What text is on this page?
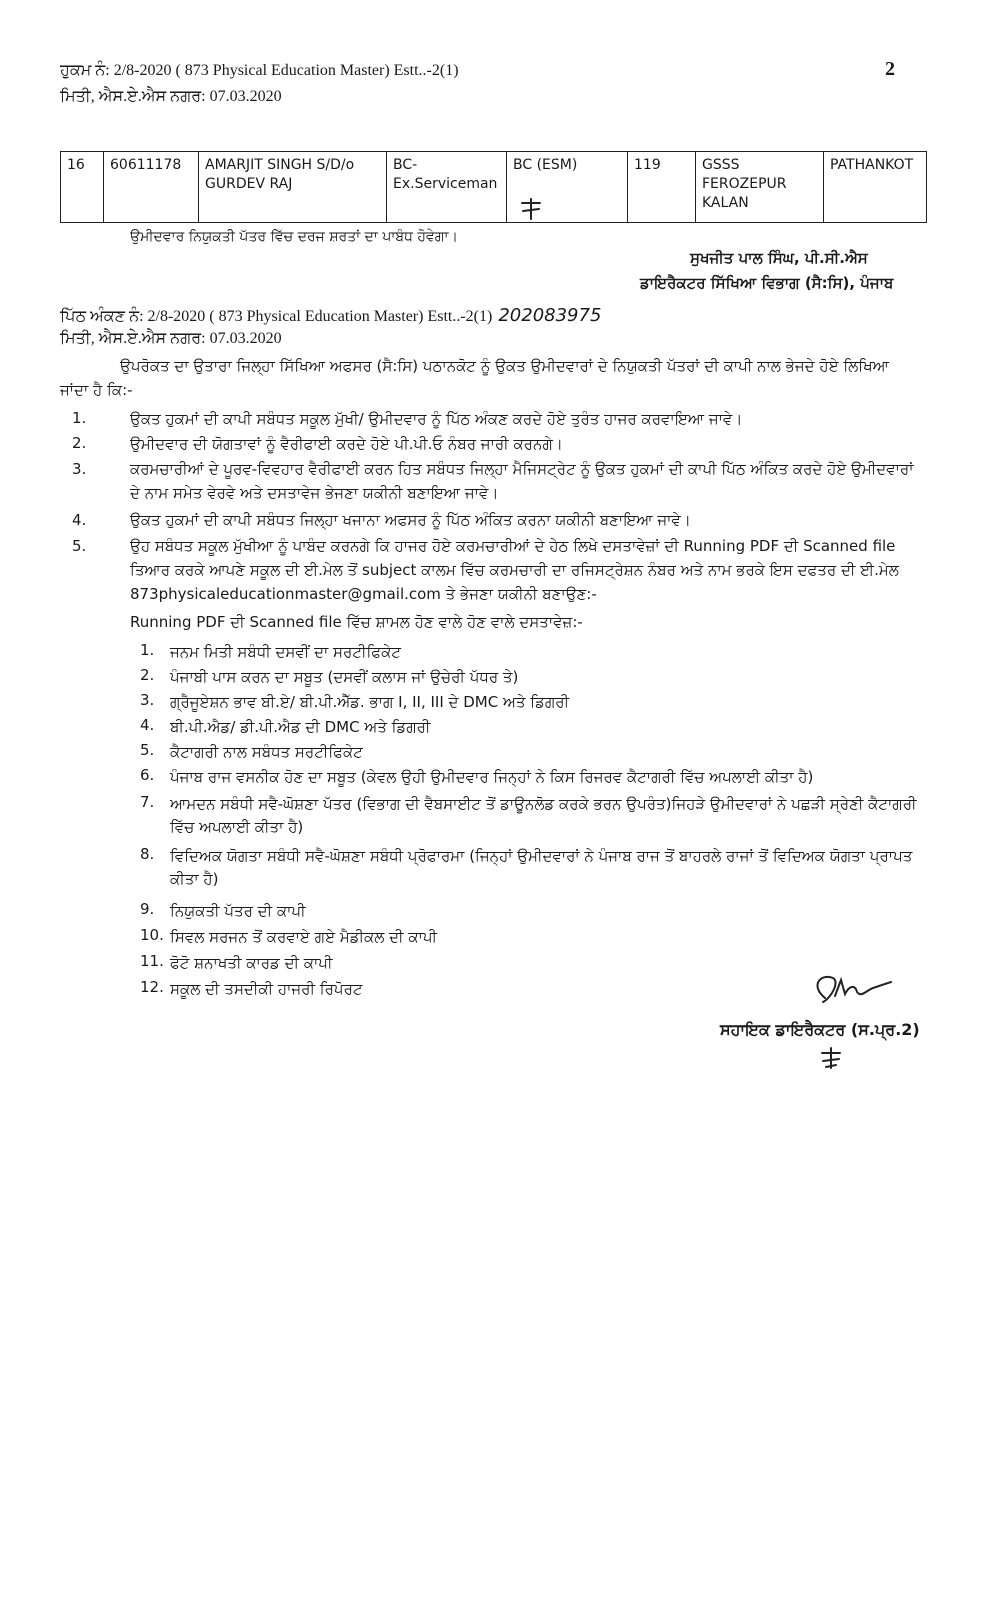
2
ਹੁਕਮ ਨੰ: 2/8-2020 ( 873 Physical Education Master) Estt..-2(1)
ਮਿਤੀ, ਐਸ.ਏ.ਐਸ ਨਗਰ: 07.03.2020
16	60611178	AMARJIT SINGH S/D/o GURDEV RAJ	BC- Ex.Serviceman	BC (ESM)	119	GSSS FEROZEPUR KALAN	PATHANKOT
ਉਮੀਦਵਾਰ ਨਿਯੁਕਤੀ ਪੱਤਰ ਵਿੱਚ ਦਰਜ ਸ਼ਰਤਾਂ ਦਾ ਪਾਬੰਧ ਹੋਵੇਗਾ।
ਸੁਖਜੀਤ ਪਾਲ ਸਿੰਘ, ਪੀ.ਸੀ.ਐਸ
ਡਾਇਰੈਕਟਰ ਸਿੱਖਿਆ ਵਿਭਾਗ (ਸੈ:ਸਿ), ਪੰਜਾਬ
ਪਿੱਠ ਅੰਕਣ ਨੰ: 2/8-2020 ( 873 Physical Education Master) Estt..-2(1) 202083975
ਮਿਤੀ, ਐਸ.ਏ.ਐਸ ਨਗਰ: 07.03.2020
ਉਪਰੋਕਤ ਦਾ ਉਤਾਰਾ ਜਿਲ੍ਹਾ ਸਿੱਖਿਆ ਅਫਸਰ (ਸੈ:ਸਿ) ਪਠਾਨਕੋਟ ਨੂੰ ਉਕਤ ਉਮੀਦਵਾਰਾਂ ਦੇ ਨਿਯੁਕਤੀ ਪੱਤਰਾਂ ਦੀ ਕਾਪੀ ਨਾਲ ਭੇਜਦੇ ਹੋਏ ਲਿਖਿਆ ਜਾਂਦਾ ਹੈ ਕਿ:-
1.	ਉਕਤ ਹੁਕਮਾਂ ਦੀ ਕਾਪੀ ਸਬੰਧਤ ਸਕੂਲ ਮੁੱਖੀ/ ਉਮੀਦਵਾਰ ਨੂੰ ਪਿੱਠ ਅੰਕਣ ਕਰਦੇ ਹੋਏ ਤੁਰੰਤ ਹਾਜਰ ਕਰਵਾਇਆ ਜਾਵੇ।
2.	ਉਮੀਦਵਾਰ ਦੀ ਯੋਗਤਾਵਾਂ ਨੂੰ ਵੈਰੀਫਾਈ ਕਰਦੇ ਹੋਏ ਪੀ.ਪੀ.ਓ ਨੰਬਰ ਜਾਰੀ ਕਰਨਗੇ।
3.	ਕਰਮਚਾਰੀਆਂ ਦੇ ਪੂਰਵ-ਵਿਵਹਾਰ ਵੈਰੀਫਾਈ ਕਰਨ ਹਿਤ ਸਬੰਧਤ ਜਿਲ੍ਹਾ ਮੈਜਿਸਟ੍ਰੇਟ ਨੂੰ ਉਕਤ ਹੁਕਮਾਂ ਦੀ ਕਾਪੀ ਪਿੱਠ ਅੰਕਿਤ ਕਰਦੇ ਹੋਏ ਉਮੀਦਵਾਰਾਂ ਦੇ ਨਾਮ ਸਮੇਤ ਵੇਰਵੇ ਅਤੇ ਦਸਤਾਵੇਜ ਭੇਜਣਾ ਯਕੀਨੀ ਬਣਾਇਆ ਜਾਵੇ।
4.	ਉਕਤ ਹੁਕਮਾਂ ਦੀ ਕਾਪੀ ਸਬੰਧਤ ਜਿਲ੍ਹਾ ਖਜਾਨਾ ਅਫਸਰ ਨੂੰ ਪਿੱਠ ਅੰਕਿਤ ਕਰਨਾ ਯਕੀਨੀ ਬਣਾਇਆ ਜਾਵੇ।
5.	ਉਹ ਸਬੰਧਤ ਸਕੂਲ ਮੁੱਖੀਆ ਨੂੰ ਪਾਬੰਦ ਕਰਨਗੇ ਕਿ ਹਾਜਰ ਹੋਏ ਕਰਮਚਾਰੀਆਂ ਦੇ ਹੇਠ ਲਿਖੇ ਦਸਤਾਵੇਜ਼ਾਂ ਦੀ Running PDF ਦੀ Scanned file ਤਿਆਰ ਕਰਕੇ ਆਪਣੇ ਸਕੂਲ ਦੀ ਈ.ਮੇਲ ਤੋਂ subject ਕਾਲਮ ਵਿੱਚ ਕਰਮਚਾਰੀ ਦਾ ਰਜਿਸਟ੍ਰੇਸ਼ਨ ਨੰਬਰ ਅਤੇ ਨਾਮ ਭਰਕੇ ਇਸ ਦਫਤਰ ਦੀ ਈ.ਮੇਲ 873physicaleducationmaster@gmail.com ਤੇ ਭੇਜਣਾ ਯਕੀਨੀ ਬਣਾਉਣ:-
Running PDF ਦੀ Scanned file ਵਿੱਚ ਸ਼ਾਮਲ ਹੋਣ ਵਾਲੇ ਹੋਣ ਵਾਲੇ ਦਸਤਾਵੇਜ਼:-
1. ਜਨਮ ਮਿਤੀ ਸਬੰਧੀ ਦਸਵੀਂ ਦਾ ਸਰਟੀਫਿਕੇਟ
2. ਪੰਜਾਬੀ ਪਾਸ ਕਰਨ ਦਾ ਸਬੂਤ (ਦਸਵੀਂ ਕਲਾਸ ਜਾਂ ਉਚੇਰੀ ਪੱਧਰ ਤੇ)
3. ਗ੍ਰੈਜੂਏਸ਼ਨ ਭਾਵ ਬੀ.ਏ/ ਬੀ.ਪੀ.ਐੱਡ. ਭਾਗ I, II, III ਦੇ DMC ਅਤੇ ਡਿਗਰੀ
4. ਬੀ.ਪੀ.ਐਡ/ ਡੀ.ਪੀ.ਐਡ ਦੀ DMC ਅਤੇ ਡਿਗਰੀ
5. ਕੈਟਾਗਰੀ ਨਾਲ ਸਬੰਧਤ ਸਰਟੀਫਿਕੇਟ
6. ਪੰਜਾਬ ਰਾਜ ਵਸਨੀਕ ਹੋਣ ਦਾ ਸਬੂਤ (ਕੇਵਲ ਉਹੀ ਉਮੀਦਵਾਰ ਜਿਨ੍ਹਾਂ ਨੇ ਕਿਸ ਰਿਜਰਵ ਕੈਟਾਗਰੀ ਵਿੱਚ ਅਪਲਾਈ ਕੀਤਾ ਹੈ)
7. ਆਮਦਨ ਸਬੰਧੀ ਸਵੈ-ਘੋਸ਼ਣਾ ਪੱਤਰ (ਵਿਭਾਗ ਦੀ ਵੈਬਸਾਈਟ ਤੋਂ ਡਾਊਨਲੋਡ ਕਰਕੇ ਭਰਨ ਉਪਰੰਤ)ਜਿਹੜੇ ਉਮੀਦਵਾਰਾਂ ਨੇ ਪਛੜੀ ਸ੍ਰੇਣੀ ਕੈਟਾਗਰੀ ਵਿੱਚ ਅਪਲਾਈ ਕੀਤਾ ਹੈ)
8. ਵਿਦਿਅਕ ਯੋਗਤਾ ਸਬੰਧੀ ਸਵੈ-ਘੋਸ਼ਣਾ ਸਬੰਧੀ ਪ੍ਰੋਫਾਰਮਾ (ਜਿਨ੍ਹਾਂ ਉਮੀਦਵਾਰਾਂ ਨੇ ਪੰਜਾਬ ਰਾਜ ਤੋਂ ਬਾਹਰਲੇ ਰਾਜਾਂ ਤੋਂ ਵਿਦਿਅਕ ਯੋਗਤਾ ਪ੍ਰਾਪਤ ਕੀਤਾ ਹੈ)
9. ਨਿਯੁਕਤੀ ਪੱਤਰ ਦੀ ਕਾਪੀ
10. ਸਿਵਲ ਸਰਜਨ ਤੋਂ ਕਰਵਾਏ ਗਏ ਮੈਡੀਕਲ ਦੀ ਕਾਪੀ
11. ਫੋਟੋ ਸ਼ਨਾਖਤੀ ਕਾਰਡ ਦੀ ਕਾਪੀ
12. ਸਕੂਲ ਦੀ ਤਸਦੀਕੀ ਹਾਜਰੀ ਰਿਪੋਰਟ
ਸਹਾਇਕ ਡਾਇਰੈਕਟਰ (ਸ.ਪ੍ਰ.2)
